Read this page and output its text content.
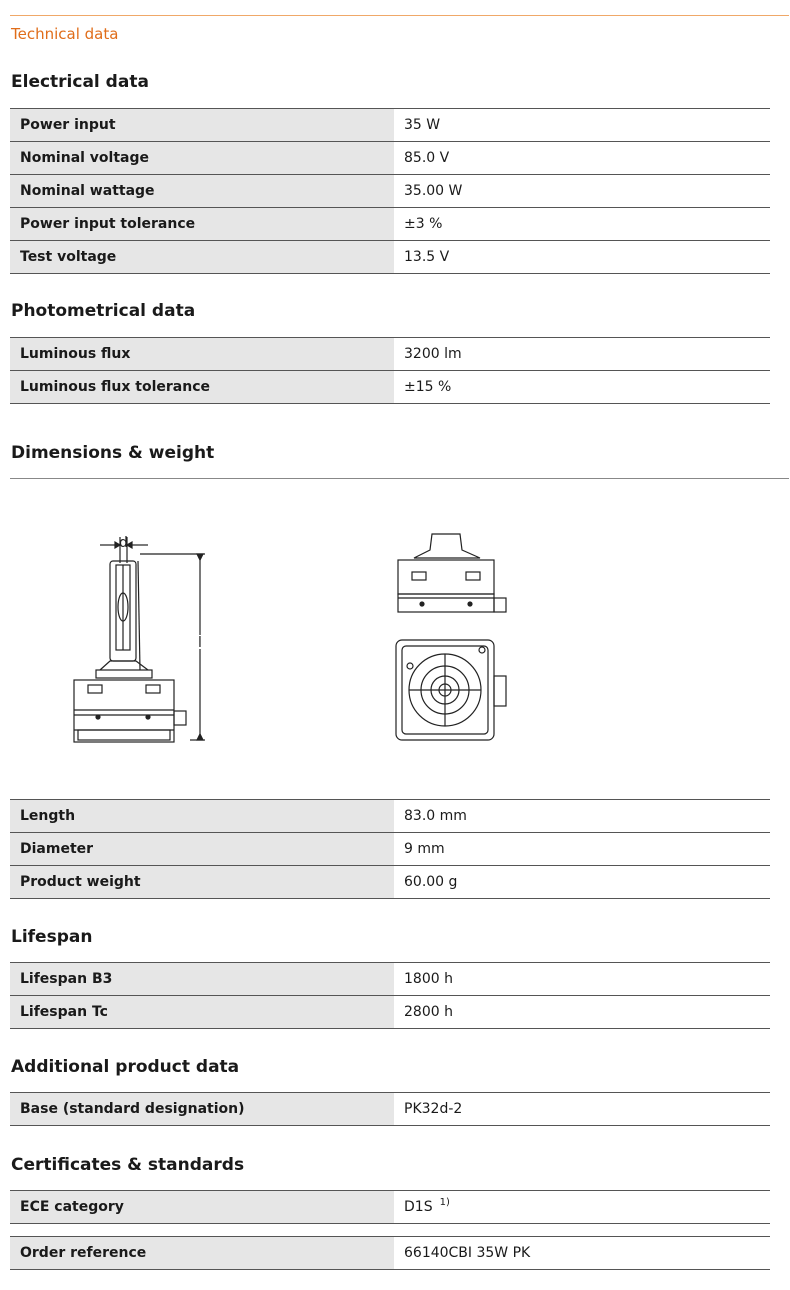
Technical data
Electrical data
Power input	35 W
Nominal voltage	85.0 V
Nominal wattage	35.00 W
Power input tolerance	±3 %
Test voltage	13.5 V
Photometrical data
Luminous flux	3200 lm
Luminous flux tolerance	±15 %
Dimensions & weight
d
l
Length	83.0 mm
Diameter	9 mm
Product weight	60.00 g
Lifespan
Lifespan B3	1800 h
Lifespan Tc	2800 h
Additional product data
Base (standard designation)	PK32d-2
Certificates & standards
ECE category	D1S $^{1)}$
Order reference	66140CBI 35W PK
